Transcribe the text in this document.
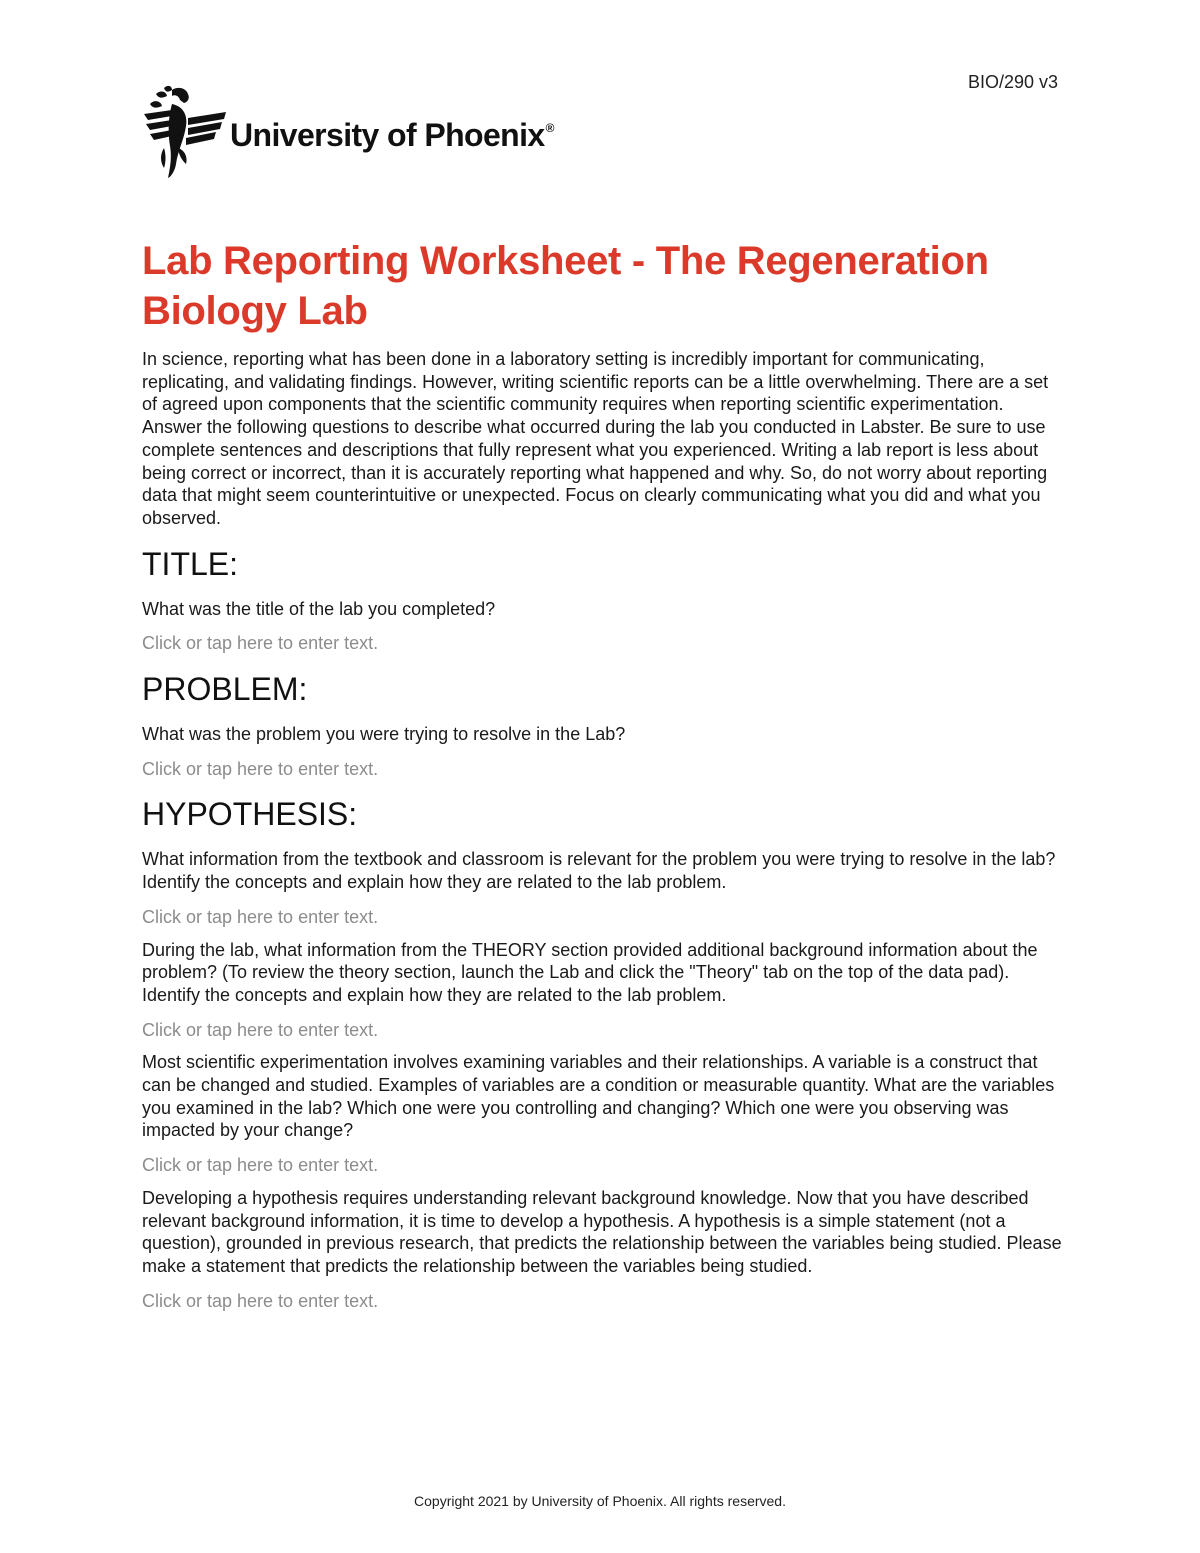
BIO/290 v3
University of Phoenix®
Lab Reporting Worksheet - The Regeneration Biology Lab

In science, reporting what has been done in a laboratory setting is incredibly important for communicating, replicating, and validating findings. However, writing scientific reports can be a little overwhelming. There are a set of agreed upon components that the scientific community requires when reporting scientific experimentation. Answer the following questions to describe what occurred during the lab you conducted in Labster. Be sure to use complete sentences and descriptions that fully represent what you experienced. Writing a lab report is less about being correct or incorrect, than it is accurately reporting what happened and why. So, do not worry about reporting data that might seem counterintuitive or unexpected. Focus on clearly communicating what you did and what you observed.

TITLE:

What was the title of the lab you completed?

Click or tap here to enter text.
PROBLEM:

What was the problem you were trying to resolve in the Lab?

Click or tap here to enter text.
HYPOTHESIS:

What information from the textbook and classroom is relevant for the problem you were trying to resolve in the lab? Identify the concepts and explain how they are related to the lab problem.

Click or tap here to enter text.

During the lab, what information from the THEORY section provided additional background information about the problem? (To review the theory section, launch the Lab and click the "Theory" tab on the top of the data pad). Identify the concepts and explain how they are related to the lab problem.

Click or tap here to enter text.

Most scientific experimentation involves examining variables and their relationships. A variable is a construct that can be changed and studied. Examples of variables are a condition or measurable quantity. What are the variables you examined in the lab? Which one were you controlling and changing? Which one were you observing was impacted by your change?

Click or tap here to enter text.

Developing a hypothesis requires understanding relevant background knowledge. Now that you have described relevant background information, it is time to develop a hypothesis. A hypothesis is a simple statement (not a question), grounded in previous research, that predicts the relationship between the variables being studied. Please make a statement that predicts the relationship between the variables being studied.

Click or tap here to enter text.
Copyright 2021 by University of Phoenix. All rights reserved.
